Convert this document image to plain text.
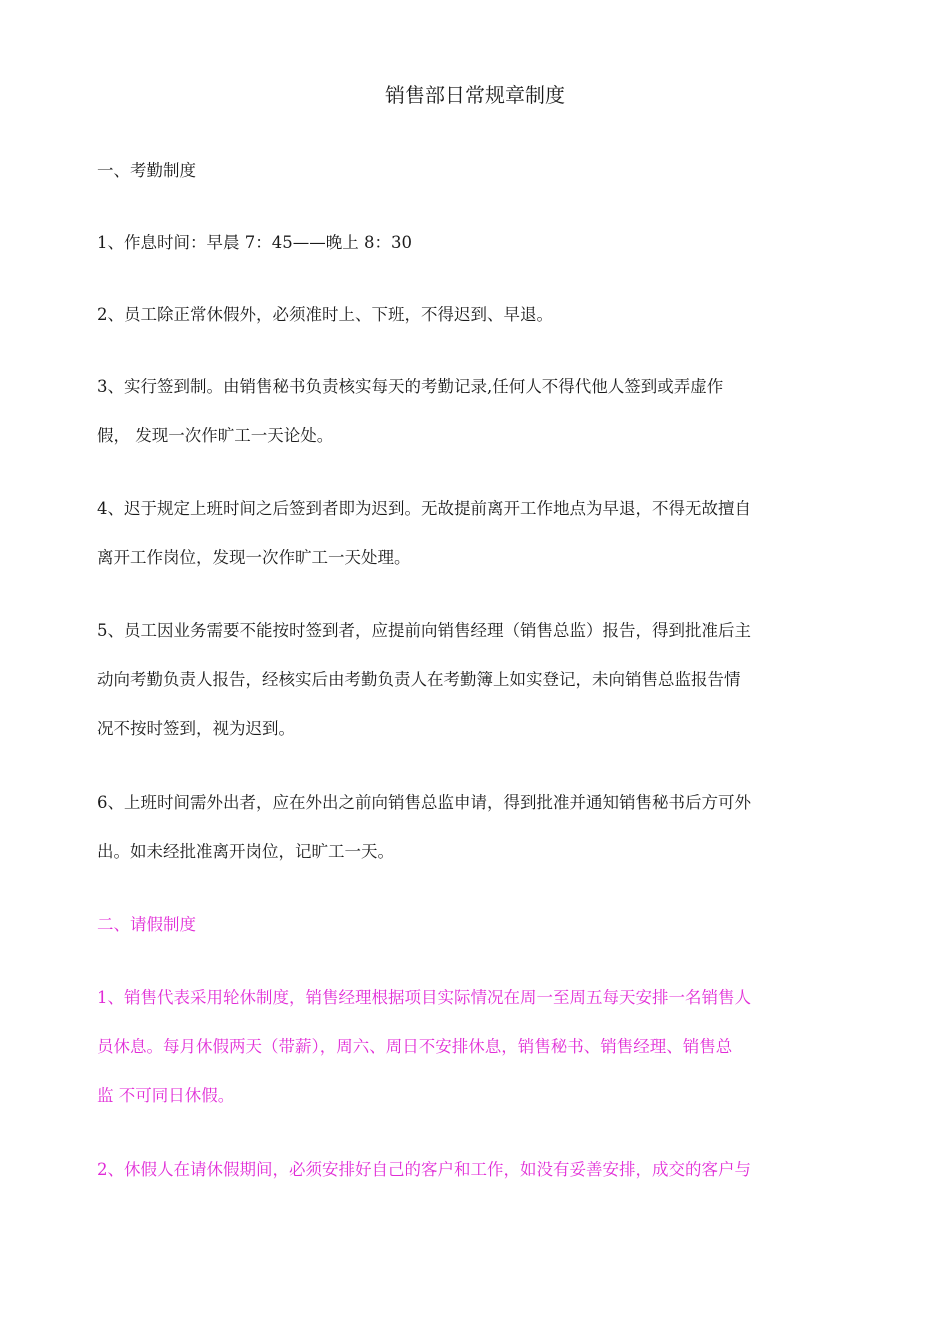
销售部日常规章制度
一、考勤制度
1、作息时间：早晨 7：45——晚上 8：30
2、员工除正常休假外，必须准时上、下班，不得迟到、早退。
3、实行签到制。由销售秘书负责核实每天的考勤记录,任何人不得代他人签到或弄虚作
假， 发现一次作旷工一天论处。
4、迟于规定上班时间之后签到者即为迟到。无故提前离开工作地点为早退，不得无故擅自
离开工作岗位，发现一次作旷工一天处理。
5、员工因业务需要不能按时签到者，应提前向销售经理（销售总监）报告，得到批准后主
动向考勤负责人报告，经核实后由考勤负责人在考勤簿上如实登记，未向销售总监报告情
况不按时签到，视为迟到。
6、上班时间需外出者，应在外出之前向销售总监申请，得到批准并通知销售秘书后方可外
出。如未经批准离开岗位，记旷工一天。
二、请假制度
1、销售代表采用轮休制度，销售经理根据项目实际情况在周一至周五每天安排一名销售人
员休息。每月休假两天（带薪），周六、周日不安排休息，销售秘书、销售经理、销售总
监 不可同日休假。
2、休假人在请休假期间，必须安排好自己的客户和工作，如没有妥善安排，成交的客户与
